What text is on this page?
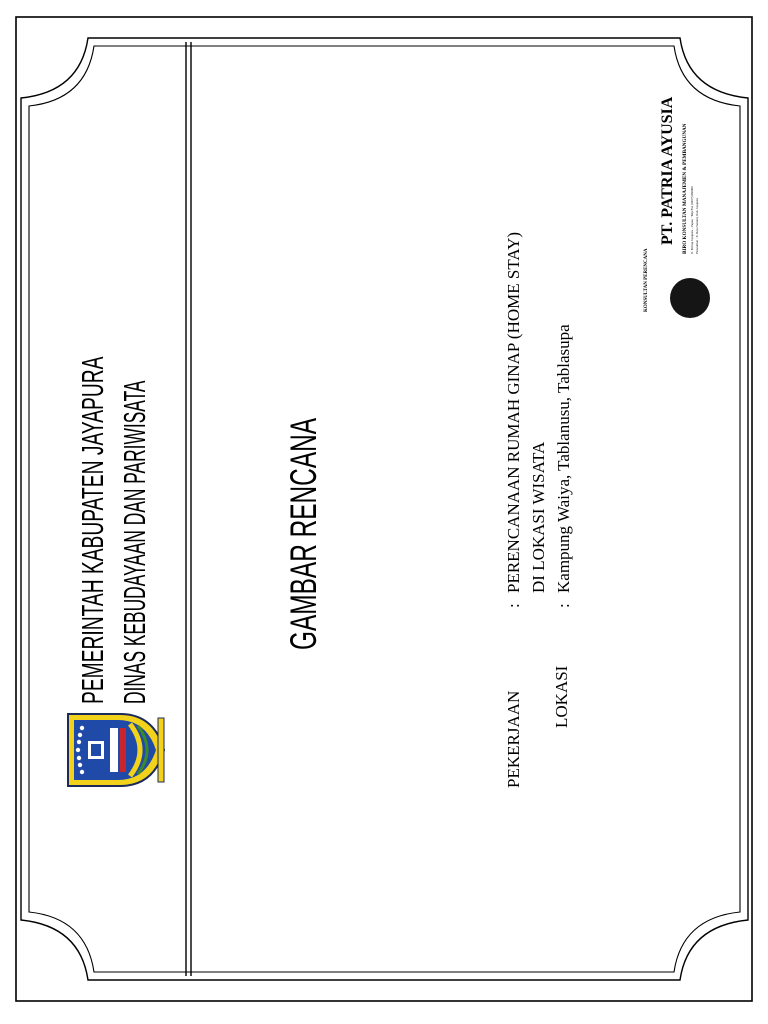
PEMERINTAH KABUPATEN JAYAPURA DINAS KEBUDAYAAN DAN PARIWISATA	GAMBAR RENCANA
PEKERJAAN
:
PERENCANAAN RUMAH GINAP (HOME STAY) DI LOKASI WISATA
LOKASI
:
Kampung Waiya, Tablanusu, Tablasupa
KONSULTAN PERENCANA
PT. PATRIA AYUSIA BIRO KONSULTAN MANAJEMEN & PEMBANGUNAN Jl. Entrop Jayapura – Papua · Telp/Fax (0967) 000000 Perwakilan : Jl. Raya Sentani, Kab. Jayapura
